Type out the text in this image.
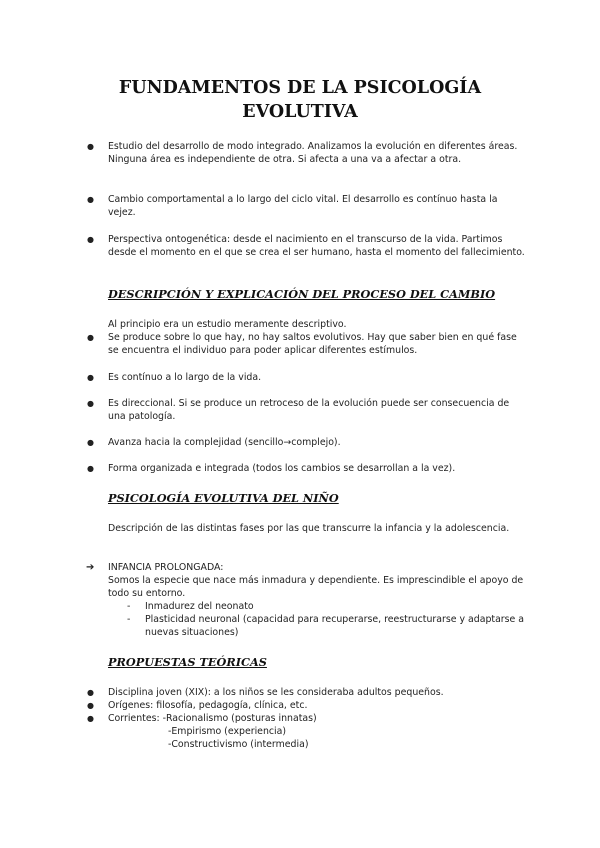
FUNDAMENTOS DE LA PSICOLOGÍA
EVOLUTIVA
● Estudio del desarrollo de modo integrado. Analizamos la evolución en diferentes áreas. Ninguna área es independiente de otra. Si afecta a una va a afectar a otra.
● Cambio comportamental a lo largo del ciclo vital. El desarrollo es contínuo hasta la vejez.
● Perspectiva ontogenética: desde el nacimiento en el transcurso de la vida. Partimos desde el momento en el que se crea el ser humano, hasta el momento del fallecimiento.
DESCRIPCIÓN Y EXPLICACIÓN DEL PROCESO DEL CAMBIO
Al principio era un estudio meramente descriptivo.
● Se produce sobre lo que hay, no hay saltos evolutivos. Hay que saber bien en qué fase se encuentra el individuo para poder aplicar diferentes estímulos.
● Es contínuo a lo largo de la vida.
● Es direccional. Si se produce un retroceso de la evolución puede ser consecuencia de una patología.
● Avanza hacia la complejidad (sencillo→complejo).
● Forma organizada e integrada (todos los cambios se desarrollan a la vez).
PSICOLOGÍA EVOLUTIVA DEL NIÑO
Descripción de las distintas fases por las que transcurre la infancia y la adolescencia.
➔ INFANCIA PROLONGADA:
Somos la especie que nace más inmadura y dependiente. Es imprescindible el apoyo de todo su entorno.
- Inmadurez del neonato
- Plasticidad neuronal (capacidad para recuperarse, reestructurarse y adaptarse a nuevas situaciones)
PROPUESTAS TEÓRICAS
● Disciplina joven (XIX): a los niños se les consideraba adultos pequeños.
● Orígenes: filosofía, pedagogía, clínica, etc.
● Corrientes: -Racionalismo (posturas innatas)
-Empirismo (experiencia)
-Constructivismo (intermedia)
